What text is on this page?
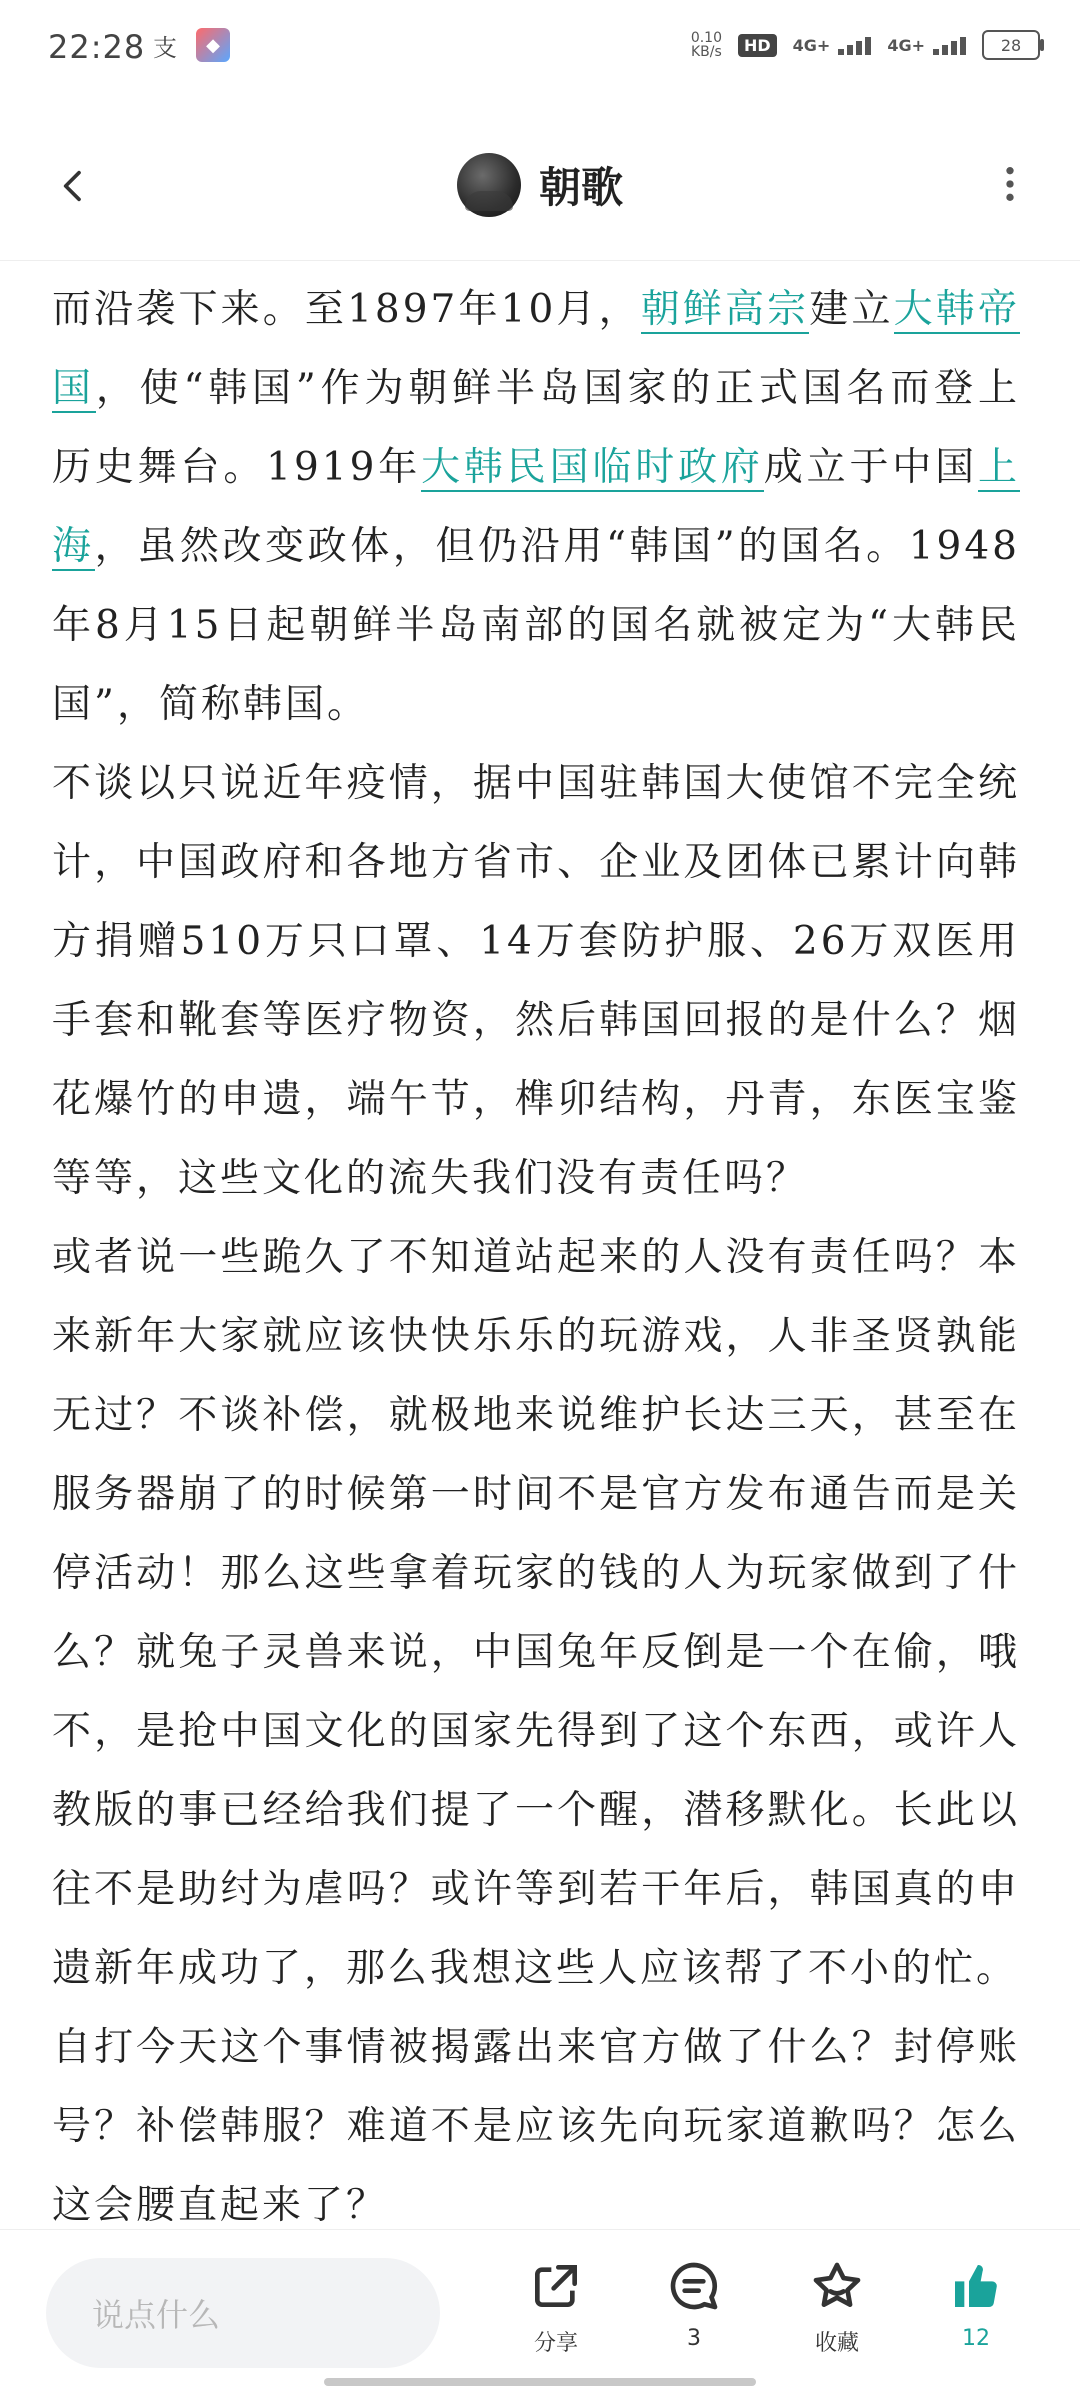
22:28 支	◆	0.10
KB/s	HD	4G+	4G+	28
朝歌

而沿袭下来。至1897年10月，朝鲜高宗建立大韩帝国，使“韩国”作为朝鲜半岛国家的正式国名而登上历史舞台。1919年大韩民国临时政府成立于中国上海，虽然改变政体，但仍沿用“韩国”的国名。1948年8月15日起朝鲜半岛南部的国名就被定为“大韩民国”，简称韩国。

不谈以只说近年疫情，据中国驻韩国大使馆不完全统计，中国政府和各地方省市、企业及团体已累计向韩方捐赠510万只口罩、14万套防护服、26万双医用手套和靴套等医疗物资，然后韩国回报的是什么？烟花爆竹的申遗，端午节，榫卯结构，丹青，东医宝鉴等等，这些文化的流失我们没有责任吗？

或者说一些跪久了不知道站起来的人没有责任吗？本来新年大家就应该快快乐乐的玩游戏，人非圣贤孰能无过？不谈补偿，就极地来说维护长达三天，甚至在服务器崩了的时候第一时间不是官方发布通告而是关停活动！那么这些拿着玩家的钱的人为玩家做到了什么？就兔子灵兽来说，中国兔年反倒是一个在偷，哦不，是抢中国文化的国家先得到了这个东西，或许人教版的事已经给我们提了一个醒，潜移默化。长此以往不是助纣为虐吗？或许等到若干年后，韩国真的申遗新年成功了，那么我想这些人应该帮了不小的忙。

自打今天这个事情被揭露出来官方做了什么？封停账号？补偿韩服？难道不是应该先向玩家道歉吗？怎么这会腰直起来了？

说点什么
分享	3	收藏	12
